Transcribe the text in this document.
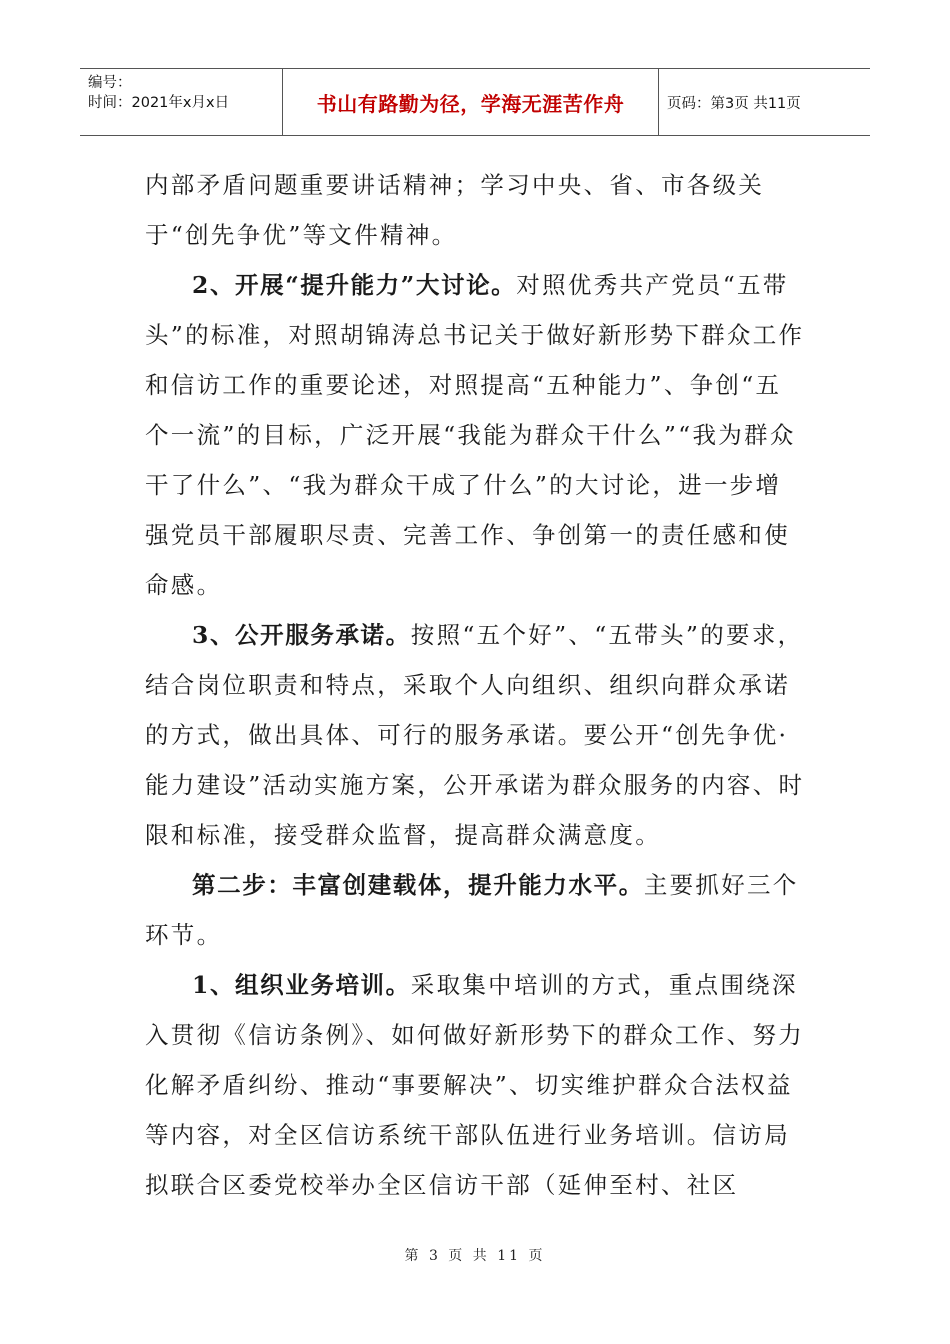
编号：
时间：2021年x月x日	书山有路勤为径，学海无涯苦作舟	页码：第3页 共11页

内部矛盾问题重要讲话精神；学习中央、省、市各级关于“创先争优”等文件精神。

2、开展“提升能力”大讨论。对照优秀共产党员“五带头”的标准，对照胡锦涛总书记关于做好新形势下群众工作和信访工作的重要论述，对照提高“五种能力”、争创“五个一流”的目标，广泛开展“我能为群众干什么”“我为群众干了什么”、“我为群众干成了什么”的大讨论，进一步增强党员干部履职尽责、完善工作、争创第一的责任感和使命感。

3、公开服务承诺。按照“五个好”、“五带头”的要求，结合岗位职责和特点，采取个人向组织、组织向群众承诺的方式，做出具体、可行的服务承诺。要公开“创先争优·能力建设”活动实施方案，公开承诺为群众服务的内容、时限和标准，接受群众监督，提高群众满意度。

第二步：丰富创建载体，提升能力水平。主要抓好三个环节。

1、组织业务培训。采取集中培训的方式，重点围绕深入贯彻《信访条例》、如何做好新形势下的群众工作、努力化解矛盾纠纷、推动“事要解决”、切实维护群众合法权益等内容，对全区信访系统干部队伍进行业务培训。信访局拟联合区委党校举办全区信访干部（延伸至村、社区

第 3 页 共 11 页
